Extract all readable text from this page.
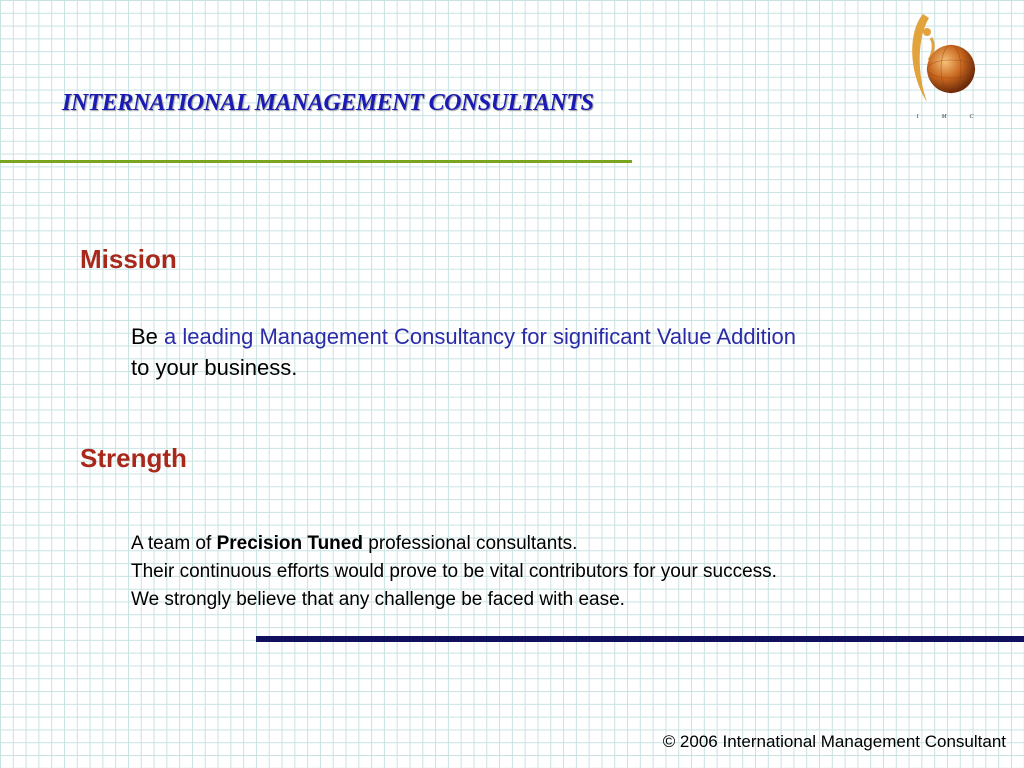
INTERNATIONAL MANAGEMENT CONSULTANTS
I	M	C
Mission
Be a leading Management Consultancy for significant Value Addition
to your business.
Strength
A team of Precision Tuned professional consultants.
Their continuous efforts would prove to be vital contributors for your success.
We strongly believe that any challenge be faced with ease.
© 2006 International Management Consultant
